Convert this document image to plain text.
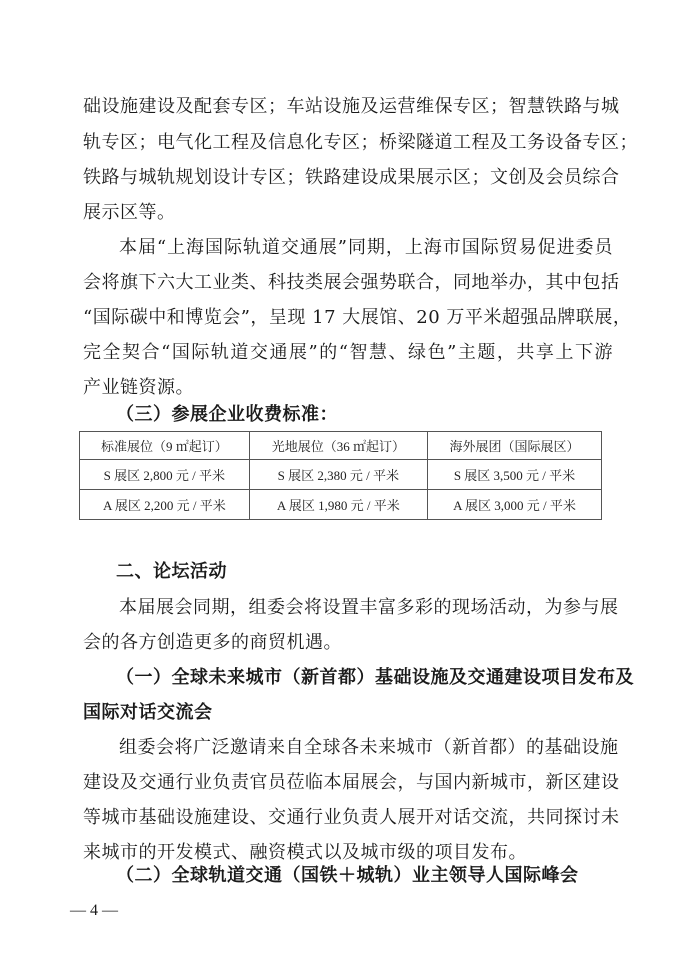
础设施建设及配套专区；车站设施及运营维保专区；智慧铁路与城
轨专区；电气化工程及信息化专区；桥梁隧道工程及工务设备专区；
铁路与城轨规划设计专区；铁路建设成果展示区；文创及会员综合
展示区等。
本届“上海国际轨道交通展”同期，上海市国际贸易促进委员
会将旗下六大工业类、科技类展会强势联合，同地举办，其中包括
“国际碳中和博览会”，呈现 17 大展馆、20 万平米超强品牌联展，
完全契合“国际轨道交通展”的“智慧、绿色”主题，共享上下游
产业链资源。
（三）参展企业收费标准：
标准展位（9 ㎡起订）	光地展位（36 ㎡起订）	海外展团（国际展区）
S 展区 2,800 元 / 平米	S 展区 2,380 元 / 平米	S 展区 3,500 元 / 平米
A 展区 2,200 元 / 平米	A 展区 1,980 元 / 平米	A 展区 3,000 元 / 平米
二、论坛活动
本届展会同期，组委会将设置丰富多彩的现场活动，为参与展
会的各方创造更多的商贸机遇。
（一）全球未来城市（新首都）基础设施及交通建设项目发布及
国际对话交流会
组委会将广泛邀请来自全球各未来城市（新首都）的基础设施
建设及交通行业负责官员莅临本届展会，与国内新城市，新区建设
等城市基础设施建设、交通行业负责人展开对话交流，共同探讨未
来城市的开发模式、融资模式以及城市级的项目发布。
（二）全球轨道交通（国铁＋城轨）业主领导人国际峰会
— 4 —
